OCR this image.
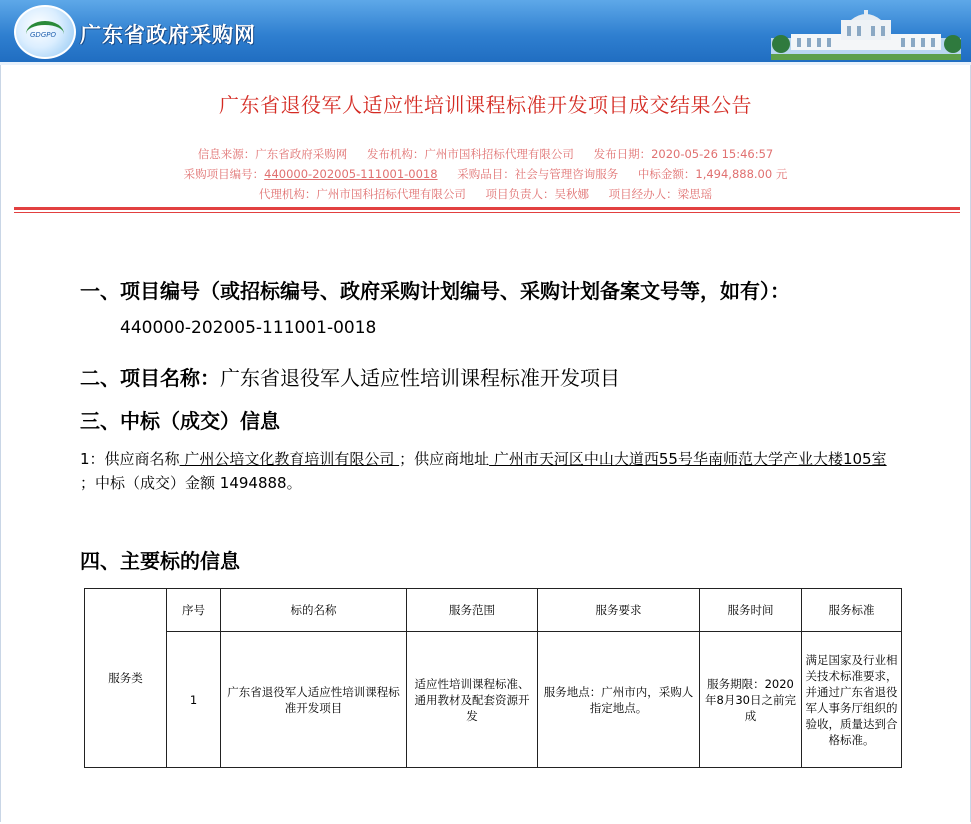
GDGPO 广东省政府采购网
广东省退役军人适应性培训课程标准开发项目成交结果公告
信息来源：广东省政府采购网 发布机构：广州市国科招标代理有限公司 发布日期：2020-05-26 15:46:57
采购项目编号：440000-202005-111001-0018 采购品目：社会与管理咨询服务 中标金额：1,494,888.00 元
代理机构：广州市国科招标代理有限公司 项目负责人：吴秋娜 项目经办人：梁思瑶
一、项目编号（或招标编号、政府采购计划编号、采购计划备案文号等，如有）：
440000-202005-111001-0018
二、项目名称：广东省退役军人适应性培训课程标准开发项目
三、中标（成交）信息
1：供应商名称 广州公培文化教育培训有限公司 ；供应商地址 广州市天河区中山大道西55号华南师范大学产业大楼105室 ；中标（成交）金额 1494888。
四、主要标的信息
服务类	序号	标的名称	服务范围	服务要求	服务时间	服务标准
	1	广东省退役军人适应性培训课程标准开发项目	适应性培训课程标准、通用教材及配套资源开发	服务地点：广州市内，采购人指定地点。	服务期限：2020年8月30日之前完成	满足国家及行业相关技术标准要求，并通过广东省退役军人事务厅组织的验收，质量达到合格标准。
